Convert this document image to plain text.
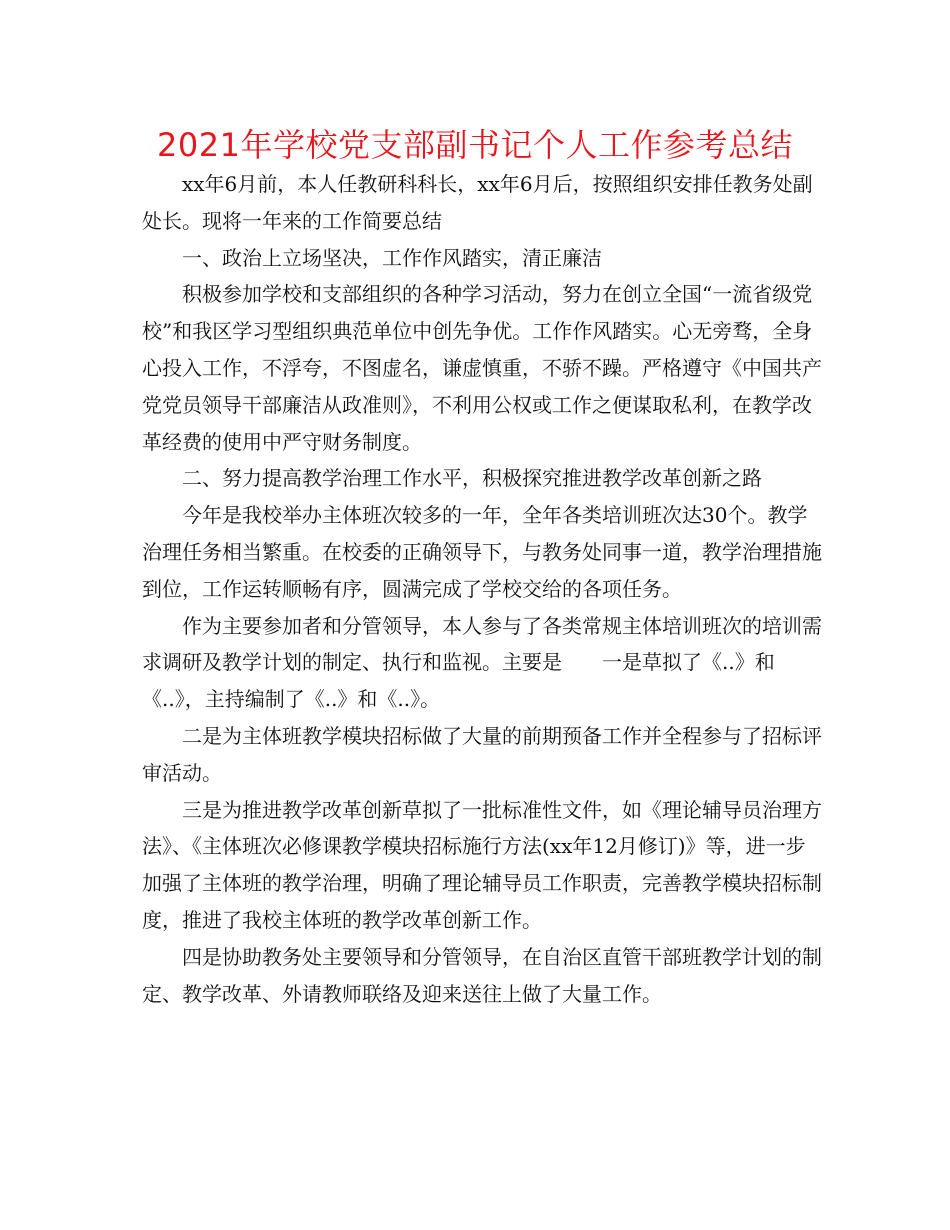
2021年学校党支部副书记个人工作参考总结

xx年6月前，本人任教研科科长，xx年6月后，按照组织安排任教务处副处长。现将一年来的工作简要总结

一、政治上立场坚决，工作作风踏实，清正廉洁

积极参加学校和支部组织的各种学习活动，努力在创立全国“一流省级党校”和我区学习型组织典范单位中创先争优。工作作风踏实。心无旁骛，全身心投入工作，不浮夸，不图虚名，谦虚慎重，不骄不躁。严格遵守《中国共产党党员领导干部廉洁从政准则》，不利用公权或工作之便谋取私利，在教学改革经费的使用中严守财务制度。

二、努力提高教学治理工作水平，积极探究推进教学改革创新之路

今年是我校举办主体班次较多的一年，全年各类培训班次达30个。教学治理任务相当繁重。在校委的正确领导下，与教务处同事一道，教学治理措施到位，工作运转顺畅有序，圆满完成了学校交给的各项任务。

作为主要参加者和分管领导，本人参与了各类常规主体培训班次的培训需求调研及教学计划的制定、执行和监视。主要是　　一是草拟了《..》和《..》，主持编制了《..》和《..》。

二是为主体班教学模块招标做了大量的前期预备工作并全程参与了招标评审活动。

三是为推进教学改革创新草拟了一批标准性文件，如《理论辅导员治理方法》、《主体班次必修课教学模块招标施行方法(xx年12月修订)》等，进一步加强了主体班的教学治理，明确了理论辅导员工作职责，完善教学模块招标制度，推进了我校主体班的教学改革创新工作。

四是协助教务处主要领导和分管领导，在自治区直管干部班教学计划的制定、教学改革、外请教师联络及迎来送往上做了大量工作。
